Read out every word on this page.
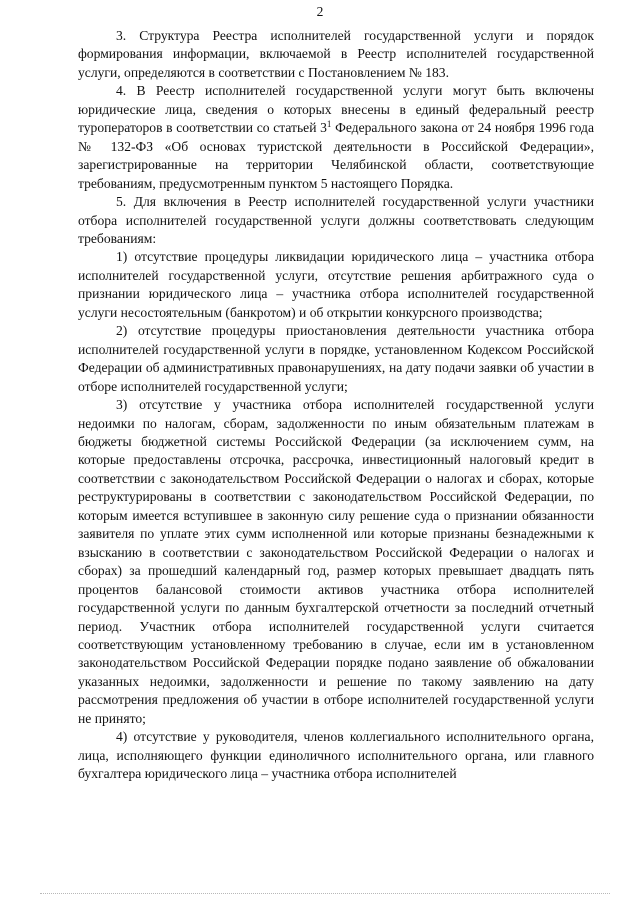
2

3. Структура Реестра исполнителей государственной услуги и порядок формирования информации, включаемой в Реестр исполнителей государственной услуги, определяются в соответствии с Постановлением № 183.

4. В Реестр исполнителей государственной услуги могут быть включены юридические лица, сведения о которых внесены в единый федеральный реестр туроператоров в соответствии со статьей $3^1$ Федерального закона от 24 ноября 1996 года № 132-ФЗ «Об основах туристской деятельности в Российской Федерации», зарегистрированные на территории Челябинской области, соответствующие требованиям, предусмотренным пунктом 5 настоящего Порядка.

5. Для включения в Реестр исполнителей государственной услуги участники отбора исполнителей государственной услуги должны соответствовать следующим требованиям:

1) отсутствие процедуры ликвидации юридического лица – участника отбора исполнителей государственной услуги, отсутствие решения арбитражного суда о признании юридического лица – участника отбора исполнителей государственной услуги несостоятельным (банкротом) и об открытии конкурсного производства;

2) отсутствие процедуры приостановления деятельности участника отбора исполнителей государственной услуги в порядке, установленном Кодексом Российской Федерации об административных правонарушениях, на дату подачи заявки об участии в отборе исполнителей государственной услуги;

3) отсутствие у участника отбора исполнителей государственной услуги недоимки по налогам, сборам, задолженности по иным обязательным платежам в бюджеты бюджетной системы Российской Федерации (за исключением сумм, на которые предоставлены отсрочка, рассрочка, инвестиционный налоговый кредит в соответствии с законодательством Российской Федерации о налогах и сборах, которые реструктурированы в соответствии с законодательством Российской Федерации, по которым имеется вступившее в законную силу решение суда о признании обязанности заявителя по уплате этих сумм исполненной или которые признаны безнадежными к взысканию в соответствии с законодательством Российской Федерации о налогах и сборах) за прошедший календарный год, размер которых превышает двадцать пять процентов балансовой стоимости активов участника отбора исполнителей государственной услуги по данным бухгалтерской отчетности за последний отчетный период. Участник отбора исполнителей государственной услуги считается соответствующим установленному требованию в случае, если им в установленном законодательством Российской Федерации порядке подано заявление об обжаловании указанных недоимки, задолженности и решение по такому заявлению на дату рассмотрения предложения об участии в отборе исполнителей государственной услуги не принято;

4) отсутствие у руководителя, членов коллегиального исполнительного органа, лица, исполняющего функции единоличного исполнительного органа, или главного бухгалтера юридического лица – участника отбора исполнителей
